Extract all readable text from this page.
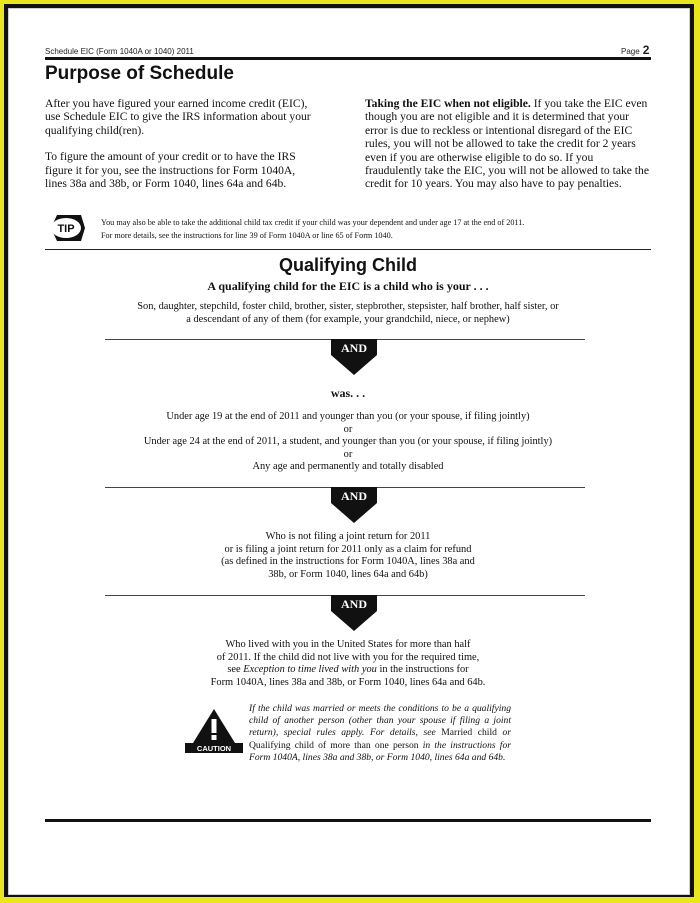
Schedule EIC (Form 1040A or 1040) 2011	Page 2
Purpose of Schedule

After you have figured your earned income credit (EIC), use Schedule EIC to give the IRS information about your qualifying child(ren).

To figure the amount of your credit or to have the IRS figure it for you, see the instructions for Form 1040A, lines 38a and 38b, or Form 1040, lines 64a and 64b.

Taking the EIC when not eligible. If you take the EIC even though you are not eligible and it is determined that your error is due to reckless or intentional disregard of the EIC rules, you will not be allowed to take the credit for 2 years even if you are otherwise eligible to do so. If you fraudulently take the EIC, you will not be allowed to take the credit for 10 years. You may also have to pay penalties.

TIP
You may also be able to take the additional child tax credit if your child was your dependent and under age 17 at the end of 2011.
For more details, see the instructions for line 39 of Form 1040A or line 65 of Form 1040.
Qualifying Child
A qualifying child for the EIC is a child who is your . . .

Son, daughter, stepchild, foster child, brother, sister, stepbrother, stepsister, half brother, half sister, or

a descendant of any of them (for example, your grandchild, niece, or nephew)

AND
was. . .

Under age 19 at the end of 2011 and younger than you (or your spouse, if filing jointly)

or

Under age 24 at the end of 2011, a student, and younger than you (or your spouse, if filing jointly)

or

Any age and permanently and totally disabled

AND

Who is not filing a joint return for 2011

or is filing a joint return for 2011 only as a claim for refund

(as defined in the instructions for Form 1040A, lines 38a and

38b, or Form 1040, lines 64a and 64b)

AND

Who lived with you in the United States for more than half

of 2011. If the child did not live with you for the required time,

see Exception to time lived with you in the instructions for

Form 1040A, lines 38a and 38b, or Form 1040, lines 64a and 64b.

CAUTION
If the child was married or meets the conditions to be a qualifying child of another person (other than your spouse if filing a joint return), special rules apply. For details, see Married child or Qualifying child of more than one person in the instructions for Form 1040A, lines 38a and 38b, or Form 1040, lines 64a and 64b.
